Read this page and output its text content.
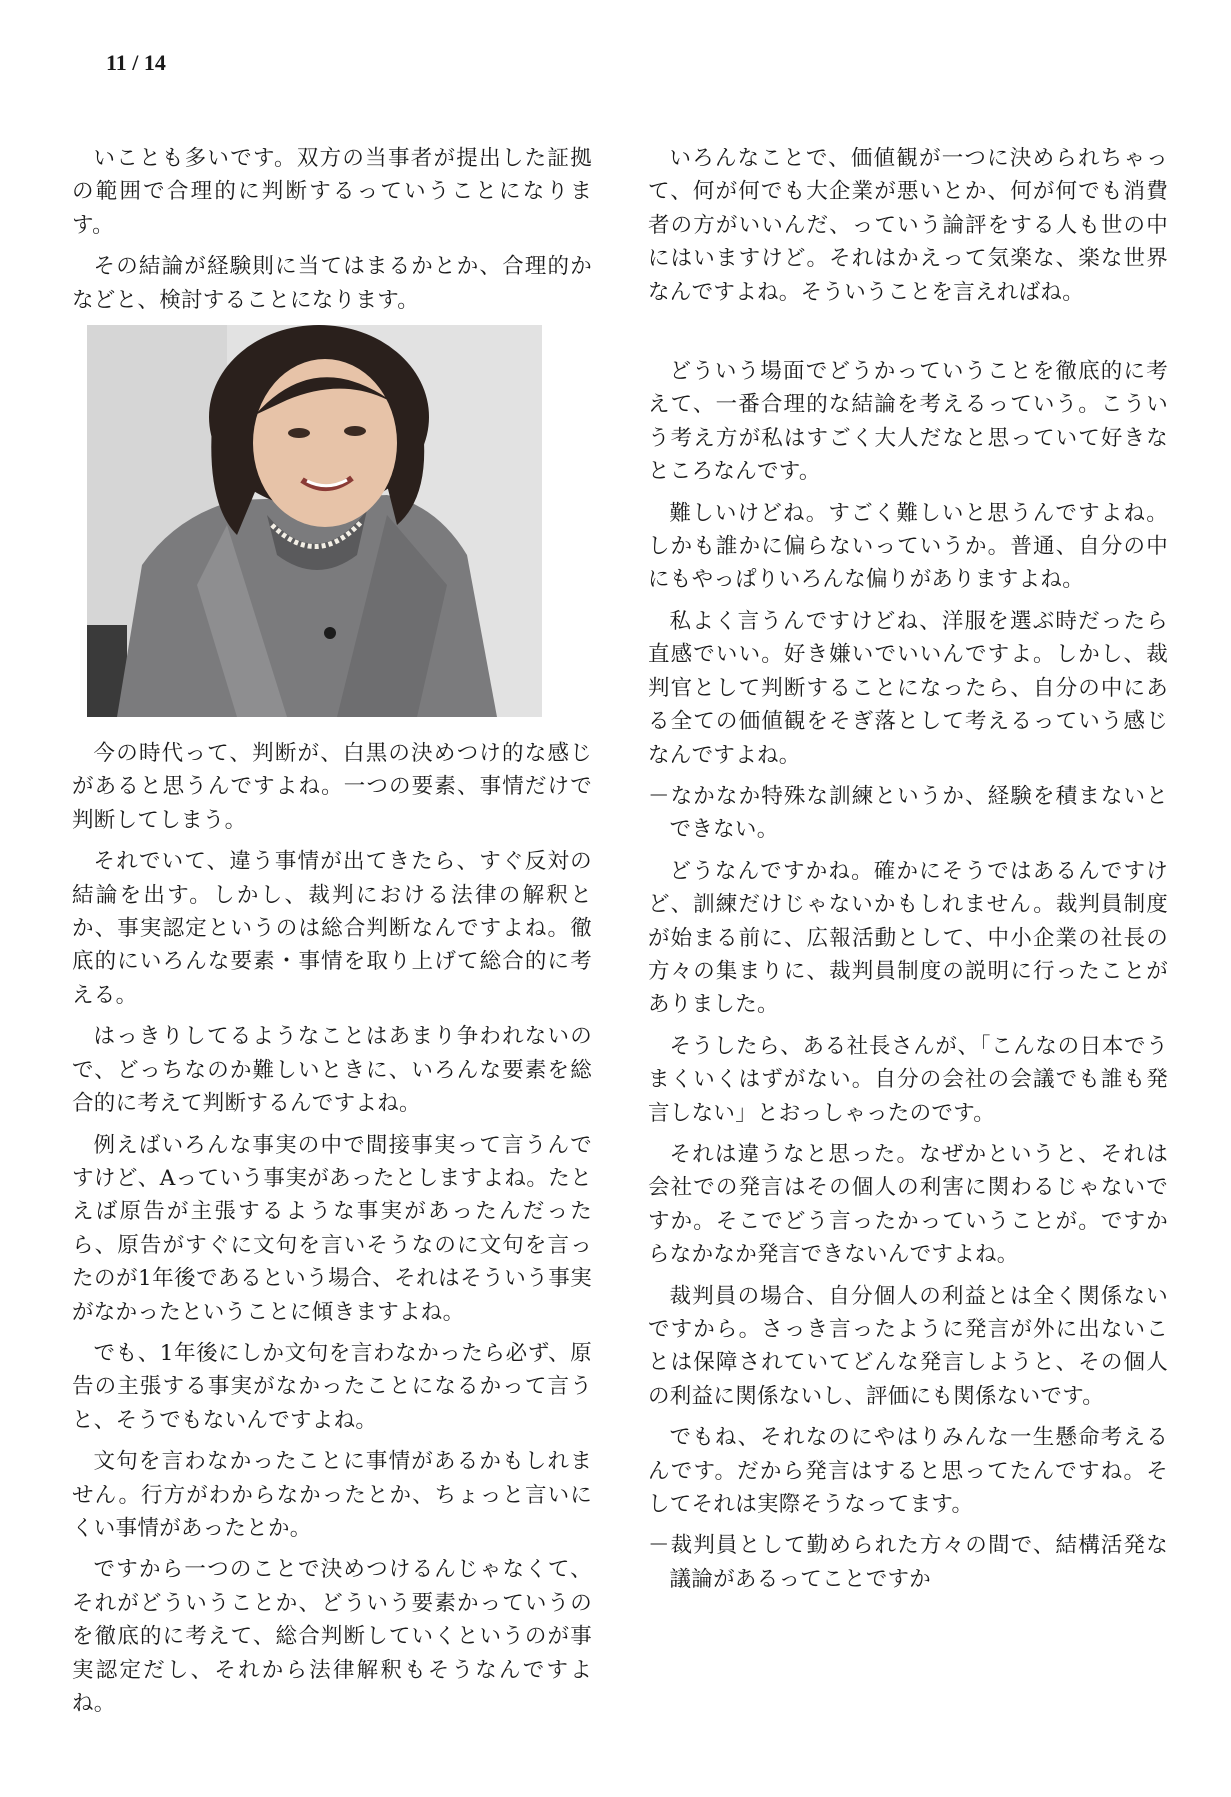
11 / 14

いことも多いです。双方の当事者が提出した証拠の範囲で合理的に判断するっていうことになります。

その結論が経験則に当てはまるかとか、合理的かなどと、検討することになります。

今の時代って、判断が、白黒の決めつけ的な感じがあると思うんですよね。一つの要素、事情だけで判断してしまう。

それでいて、違う事情が出てきたら、すぐ反対の結論を出す。しかし、裁判における法律の解釈とか、事実認定というのは総合判断なんですよね。徹底的にいろんな要素・事情を取り上げて総合的に考える。

はっきりしてるようなことはあまり争われないので、どっちなのか難しいときに、いろんな要素を総合的に考えて判断するんですよね。

例えばいろんな事実の中で間接事実って言うんですけど、Aっていう事実があったとしますよね。たとえば原告が主張するような事実があったんだったら、原告がすぐに文句を言いそうなのに文句を言ったのが1年後であるという場合、それはそういう事実がなかったということに傾きますよね。

でも、1年後にしか文句を言わなかったら必ず、原告の主張する事実がなかったことになるかって言うと、そうでもないんですよね。

文句を言わなかったことに事情があるかもしれません。行方がわからなかったとか、ちょっと言いにくい事情があったとか。

ですから一つのことで決めつけるんじゃなくて、それがどういうことか、どういう要素かっていうのを徹底的に考えて、総合判断していくというのが事実認定だし、それから法律解釈もそうなんですよね。

いろんなことで、価値観が一つに決められちゃって、何が何でも大企業が悪いとか、何が何でも消費者の方がいいんだ、っていう論評をする人も世の中にはいますけど。それはかえって気楽な、楽な世界なんですよね。そういうことを言えればね。

どういう場面でどうかっていうことを徹底的に考えて、一番合理的な結論を考えるっていう。こういう考え方が私はすごく大人だなと思っていて好きなところなんです。

難しいけどね。すごく難しいと思うんですよね。しかも誰かに偏らないっていうか。普通、自分の中にもやっぱりいろんな偏りがありますよね。

私よく言うんですけどね、洋服を選ぶ時だったら直感でいい。好き嫌いでいいんですよ。しかし、裁判官として判断することになったら、自分の中にある全ての価値観をそぎ落として考えるっていう感じなんですよね。

－なかなか特殊な訓練というか、経験を積まないとできない。

どうなんですかね。確かにそうではあるんですけど、訓練だけじゃないかもしれません。裁判員制度が始まる前に、広報活動として、中小企業の社長の方々の集まりに、裁判員制度の説明に行ったことがありました。

そうしたら、ある社長さんが、「こんなの日本でうまくいくはずがない。自分の会社の会議でも誰も発言しない」とおっしゃったのです。

それは違うなと思った。なぜかというと、それは会社での発言はその個人の利害に関わるじゃないですか。そこでどう言ったかっていうことが。ですからなかなか発言できないんですよね。

裁判員の場合、自分個人の利益とは全く関係ないですから。さっき言ったように発言が外に出ないことは保障されていてどんな発言しようと、その個人の利益に関係ないし、評価にも関係ないです。

でもね、それなのにやはりみんな一生懸命考えるんです。だから発言はすると思ってたんですね。そしてそれは実際そうなってます。

－裁判員として勤められた方々の間で、結構活発な議論があるってことですか
